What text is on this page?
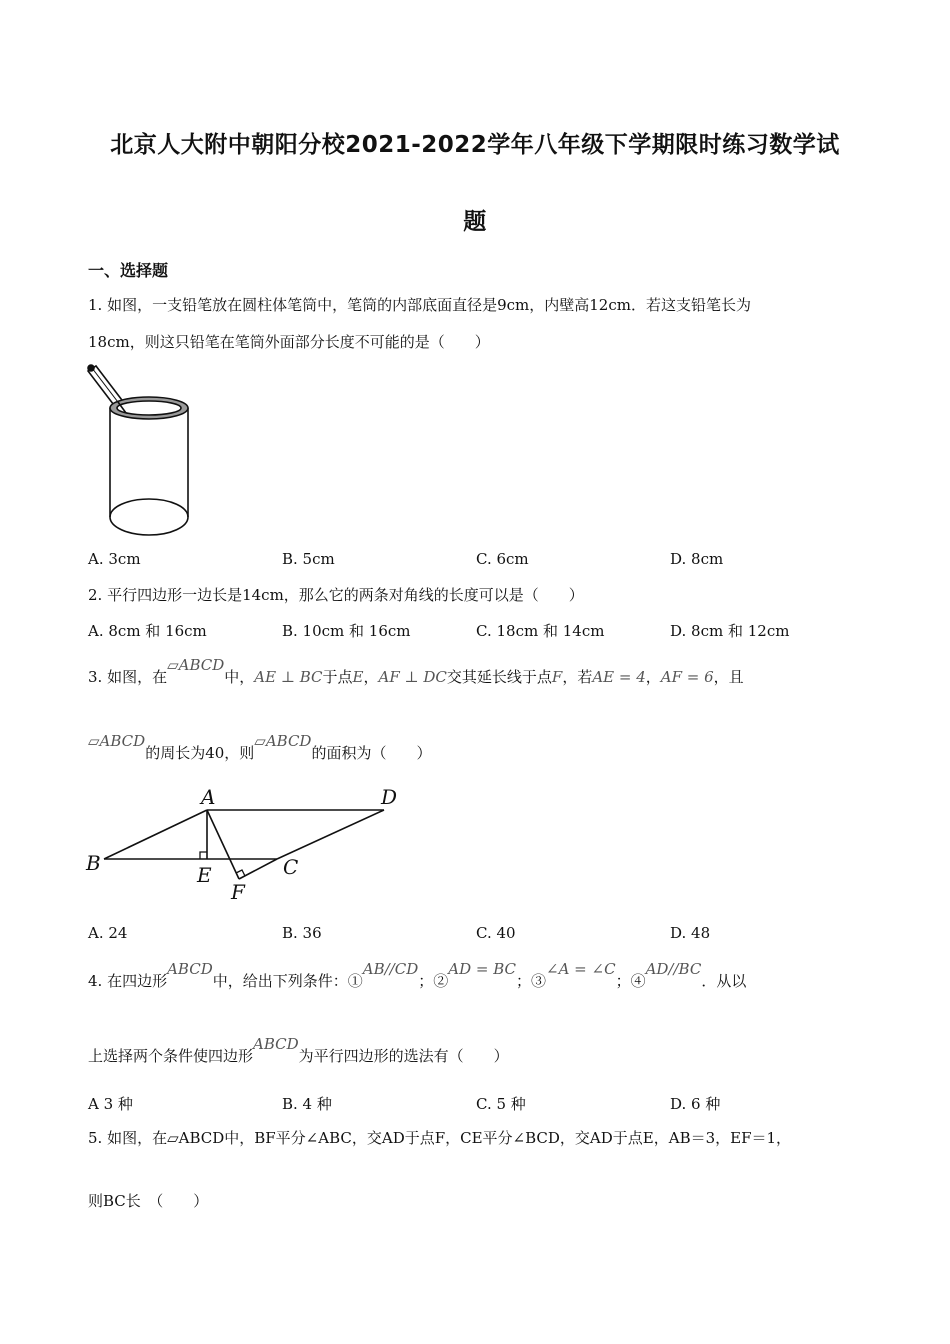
北京人大附中朝阳分校2021-2022学年八年级下学期限时练习数学试
题
一、选择题
1. 如图，一支铅笔放在圆柱体笔筒中，笔筒的内部底面直径是9cm，内壁高12cm．若这支铅笔长为
18cm，则这只铅笔在笔筒外面部分长度不可能的是（　　）
A. 3cm	B. 5cm	C. 6cm	D. 8cm
2. 平行四边形一边长是14cm，那么它的两条对角线的长度可以是（　　）
A. 8cm 和 16cm	B. 10cm 和 16cm	C. 18cm 和 14cm	D. 8cm 和 12cm
3. 如图，在▱ABCD中，AE ⊥ BC于点E，AF ⊥ DC交其延长线于点F，若AE = 4，AF = 6，且
▱ABCD的周长为40，则▱ABCD的面积为（　　）
A	D
B	E	C
F
A. 24	B. 36	C. 40	D. 48
4. 在四边形ABCD中，给出下列条件：①AB//CD；②AD = BC；③∠A = ∠C；④AD//BC．从以
上选择两个条件使四边形ABCD为平行四边形的选法有（　　）
A 3 种	B. 4 种	C. 5 种	D. 6 种
5. 如图，在▱ABCD中，BF平分∠ABC，交AD于点F，CE平分∠BCD，交AD于点E，AB＝3，EF＝1，
则BC长　（　　）
